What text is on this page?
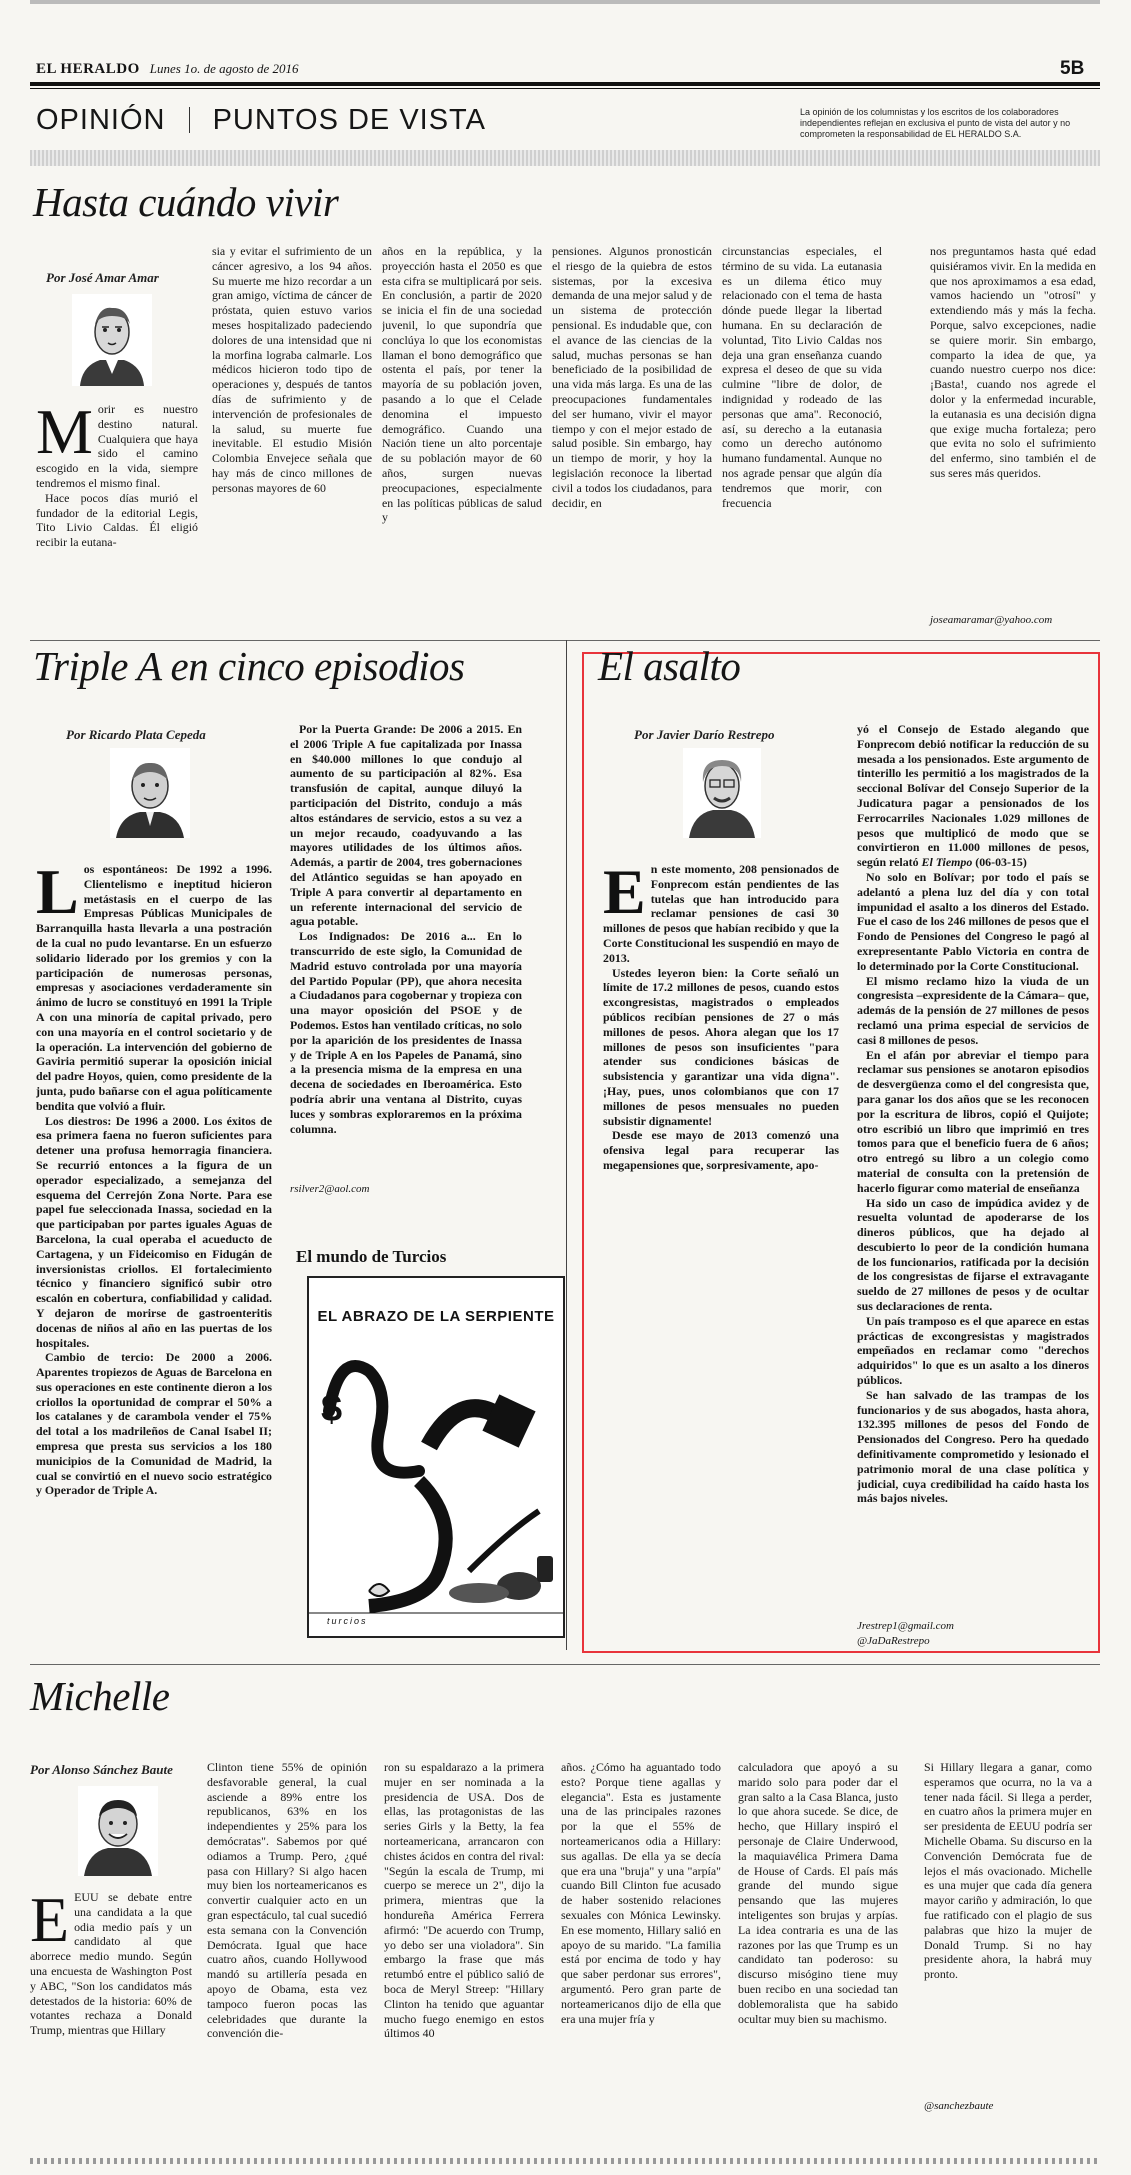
EL HERALDO Lunes 1o. de agosto de 2016	5B
OPINIÓN PUNTOS DE VISTA	La opinión de los columnistas y los escritos de los colaboradores independientes reflejan en exclusiva el punto de vista del autor y no comprometen la responsabilidad de EL HERALDO S.A.
Hasta cuándo vivir
Por José Amar Amar
M orir es nuestro destino natural. Cualquiera que haya sido el camino escogido en la vida, siempre tendremos el mismo final.

Hace pocos días murió el fundador de la editorial Legis, Tito Livio Caldas. Él eligió recibir la eutana-

sia y evitar el sufrimiento de un cáncer agresivo, a los 94 años. Su muerte me hizo recordar a un gran amigo, víctima de cáncer de próstata, quien estuvo varios meses hospitalizado padeciendo dolores de una intensidad que ni la morfina lograba calmarle. Los médicos hicieron todo tipo de operaciones y, después de tantos días de sufrimiento y de intervención de profesionales de la salud, su muerte fue inevitable. El estudio Misión Colombia Envejece señala que hay más de cinco millones de personas mayores de 60

años en la república, y la proyección hasta el 2050 es que esta cifra se multiplicará por seis. En conclusión, a partir de 2020 se inicia el fin de una sociedad juvenil, lo que supondría que conclúya lo que los economistas llaman el bono demográfico que ostenta el país, por tener la mayoría de su población joven, pasando a lo que el Celade denomina el impuesto demográfico. Cuando una Nación tiene un alto porcentaje de su población mayor de 60 años, surgen nuevas preocupaciones, especialmente en las políticas públicas de salud y

pensiones. Algunos pronosticán el riesgo de la quiebra de estos sistemas, por la excesiva demanda de una mejor salud y de un sistema de protección pensional. Es indudable que, con el avance de las ciencias de la salud, muchas personas se han beneficiado de la posibilidad de una vida más larga. Es una de las preocupaciones fundamentales del ser humano, vivir el mayor tiempo y con el mejor estado de salud posible. Sin embargo, hay un tiempo de morir, y hoy la legislación reconoce la libertad civil a todos los ciudadanos, para decidir, en

circunstancias especiales, el término de su vida. La eutanasia es un dilema ético muy relacionado con el tema de hasta dónde puede llegar la libertad humana. En su declaración de voluntad, Tito Livio Caldas nos deja una gran enseñanza cuando expresa el deseo de que su vida culmine "libre de dolor, de indignidad y rodeado de las personas que ama". Reconoció, así, su derecho a la eutanasia como un derecho autónomo humano fundamental. Aunque no nos agrade pensar que algún día tendremos que morir, con frecuencia

nos preguntamos hasta qué edad quisiéramos vivir. En la medida en que nos aproximamos a esa edad, vamos haciendo un "otrosí" y extendiendo más y más la fecha. Porque, salvo excepciones, nadie se quiere morir. Sin embargo, comparto la idea de que, ya cuando nuestro cuerpo nos dice: ¡Basta!, cuando nos agrede el dolor y la enfermedad incurable, la eutanasia es una decisión digna que exige mucha fortaleza; pero que evita no solo el sufrimiento del enfermo, sino también el de sus seres más queridos.

joseamaramar@yahoo.com
Triple A en cinco episodios
Por Ricardo Plata Cepeda
L os espontáneos: De 1992 a 1996. Clientelismo e ineptitud hicieron metástasis en el cuerpo de las Empresas Públicas Municipales de Barranquilla hasta llevarla a una postración de la cual no pudo levantarse. En un esfuerzo solidario liderado por los gremios y con la participación de numerosas personas, empresas y asociaciones verdaderamente sin ánimo de lucro se constituyó en 1991 la Triple A con una minoría de capital privado, pero con una mayoría en el control societario y de la operación. La intervención del gobierno de Gaviria permitió superar la oposición inicial del padre Hoyos, quien, como presidente de la junta, pudo bañarse con el agua políticamente bendita que volvió a fluir.

Los diestros: De 1996 a 2000. Los éxitos de esa primera faena no fueron suficientes para detener una profusa hemorragia financiera. Se recurrió entonces a la figura de un operador especializado, a semejanza del esquema del Cerrejón Zona Norte. Para ese papel fue seleccionada Inassa, sociedad en la que participaban por partes iguales Aguas de Barcelona, la cual operaba el acueducto de Cartagena, y un Fideicomiso en Fidugán de inversionistas criollos. El fortalecimiento técnico y financiero significó subir otro escalón en cobertura, confiabilidad y calidad. Y dejaron de morirse de gastroenteritis docenas de niños al año en las puertas de los hospitales.

Cambio de tercio: De 2000 a 2006. Aparentes tropiezos de Aguas de Barcelona en sus operaciones en este continente dieron a los criollos la oportunidad de comprar el 50% a los catalanes y de carambola vender el 75% del total a los madrileños de Canal Isabel II; empresa que presta sus servicios a los 180 municipios de la Comunidad de Madrid, la cual se convirtió en el nuevo socio estratégico y Operador de Triple A.

Por la Puerta Grande: De 2006 a 2015. En el 2006 Triple A fue capitalizada por Inassa en $40.000 millones lo que condujo al aumento de su participación al 82%. Esa transfusión de capital, aunque diluyó la participación del Distrito, condujo a más altos estándares de servicio, estos a su vez a un mejor recaudo, coadyuvando a las mayores utilidades de los últimos años. Además, a partir de 2004, tres gobernaciones del Atlántico seguidas se han apoyado en Triple A para convertir al departamento en un referente internacional del servicio de agua potable.

Los Indignados: De 2016 a... En lo transcurrido de este siglo, la Comunidad de Madrid estuvo controlada por una mayoría del Partido Popular (PP), que ahora necesita a Ciudadanos para cogobernar y tropieza con una mayor oposición del PSOE y de Podemos. Estos han ventilado críticas, no solo por la aparición de los presidentes de Inassa y de Triple A en los Papeles de Panamá, sino a la presencia misma de la empresa en una decena de sociedades en Iberoamérica. Esto podría abrir una ventana al Distrito, cuyas luces y sombras exploraremos en la próxima columna.

rsilver2@aol.com
El mundo de Turcios
EL ABRAZO DE LA SERPIENTE
$
turcios
El asalto
Por Javier Darío Restrepo
E n este momento, 208 pensionados de Fonprecom están pendientes de las tutelas que han introducido para reclamar pensiones de casi 30 millones de pesos que habían recibido y que la Corte Constitucional les suspendió en mayo de 2013.

Ustedes leyeron bien: la Corte señaló un límite de 17.2 millones de pesos, cuando estos excongresistas, magistrados o empleados públicos recibían pensiones de 27 o más millones de pesos. Ahora alegan que los 17 millones de pesos son insuficientes "para atender sus condiciones básicas de subsistencia y garantizar una vida digna". ¡Hay, pues, unos colombianos que con 17 millones de pesos mensuales no pueden subsistir dignamente!

Desde ese mayo de 2013 comenzó una ofensiva legal para recuperar las megapensiones que, sorpresivamente, apo-

yó el Consejo de Estado alegando que Fonprecom debió notificar la reducción de su mesada a los pensionados. Este argumento de tinterillo les permitió a los magistrados de la seccional Bolívar del Consejo Superior de la Judicatura pagar a pensionados de los Ferrocarriles Nacionales 1.029 millones de pesos que multiplicó de modo que se convirtieron en 11.000 millones de pesos, según relató El Tiempo (06-03-15)

No solo en Bolívar; por todo el país se adelantó a plena luz del día y con total impunidad el asalto a los dineros del Estado. Fue el caso de los 246 millones de pesos que el Fondo de Pensiones del Congreso le pagó al exrepresentante Pablo Victoria en contra de lo determinado por la Corte Constitucional.

El mismo reclamo hizo la viuda de un congresista –expresidente de la Cámara– que, además de la pensión de 27 millones de pesos reclamó una prima especial de servicios de casi 8 millones de pesos.

En el afán por abreviar el tiempo para reclamar sus pensiones se anotaron episodios de desvergüenza como el del congresista que, para ganar los dos años que se les reconocen por la escritura de libros, copió el Quijote; otro escribió un libro que imprimió en tres tomos para que el beneficio fuera de 6 años; otro entregó su libro a un colegio como material de consulta con la pretensión de hacerlo figurar como material de enseñanza

Ha sido un caso de impúdica avidez y de resuelta voluntad de apoderarse de los dineros públicos, que ha dejado al descubierto lo peor de la condición humana de los funcionarios, ratificada por la decisión de los congresistas de fijarse el extravagante sueldo de 27 millones de pesos y de ocultar sus declaraciones de renta.

Un país tramposo es el que aparece en estas prácticas de excongresistas y magistrados empeñados en reclamar como "derechos adquiridos" lo que es un asalto a los dineros públicos.

Se han salvado de las trampas de los funcionarios y de sus abogados, hasta ahora, 132.395 millones de pesos del Fondo de Pensionados del Congreso. Pero ha quedado definitivamente comprometido y lesionado el patrimonio moral de una clase política y judicial, cuya credibilidad ha caído hasta los más bajos niveles.

Jrestrep1@gmail.com
@JaDaRestrepo
Michelle
Por Alonso Sánchez Baute
E EUU se debate entre una candidata a la que odia medio país y un candidato al que aborrece medio mundo. Según una encuesta de Washington Post y ABC, "Son los candidatos más detestados de la historia: 60% de votantes rechaza a Donald Trump, mientras que Hillary

Clinton tiene 55% de opinión desfavorable general, la cual asciende a 89% entre los republicanos, 63% en los independientes y 25% para los demócratas". Sabemos por qué odiamos a Trump. Pero, ¿qué pasa con Hillary? Si algo hacen muy bien los norteamericanos es convertir cualquier acto en un gran espectáculo, tal cual sucedió esta semana con la Convención Demócrata. Igual que hace cuatro años, cuando Hollywood mandó su artillería pesada en apoyo de Obama, esta vez tampoco fueron pocas las celebridades que durante la convención die-

ron su espaldarazo a la primera mujer en ser nominada a la presidencia de USA. Dos de ellas, las protagonistas de las series Girls y la Betty, la fea norteamericana, arrancaron con chistes ácidos en contra del rival: "Según la escala de Trump, mi cuerpo se merece un 2", dijo la primera, mientras que la hondureña América Ferrera afirmó: "De acuerdo con Trump, yo debo ser una violadora". Sin embargo la frase que más retumbó entre el público salió de boca de Meryl Streep: "Hillary Clinton ha tenido que aguantar mucho fuego enemigo en estos últimos 40

años. ¿Cómo ha aguantado todo esto? Porque tiene agallas y elegancia". Esta es justamente una de las principales razones por la que el 55% de norteamericanos odia a Hillary: sus agallas. De ella ya se decía que era una "bruja" y una "arpía" cuando Bill Clinton fue acusado de haber sostenido relaciones sexuales con Mónica Lewinsky. En ese momento, Hillary salió en apoyo de su marido. "La familia está por encima de todo y hay que saber perdonar sus errores", argumentó. Pero gran parte de norteamericanos dijo de ella que era una mujer fría y

calculadora que apoyó a su marido solo para poder dar el gran salto a la Casa Blanca, justo lo que ahora sucede. Se dice, de hecho, que Hillary inspiró el personaje de Claire Underwood, la maquiavélica Primera Dama de House of Cards. El país más grande del mundo sigue pensando que las mujeres inteligentes son brujas y arpías. La idea contraria es una de las razones por las que Trump es un candidato tan poderoso: su discurso misógino tiene muy buen recibo en una sociedad tan doblemoralista que ha sabido ocultar muy bien su machismo.

Si Hillary llegara a ganar, como esperamos que ocurra, no la va a tener nada fácil. Si llega a perder, en cuatro años la primera mujer en ser presidenta de EEUU podría ser Michelle Obama. Su discurso en la Convención Demócrata fue de lejos el más ovacionado. Michelle es una mujer que cada día genera mayor cariño y admiración, lo que fue ratificado con el plagio de sus palabras que hizo la mujer de Donald Trump. Si no hay presidente ahora, la habrá muy pronto.

@sanchezbaute
